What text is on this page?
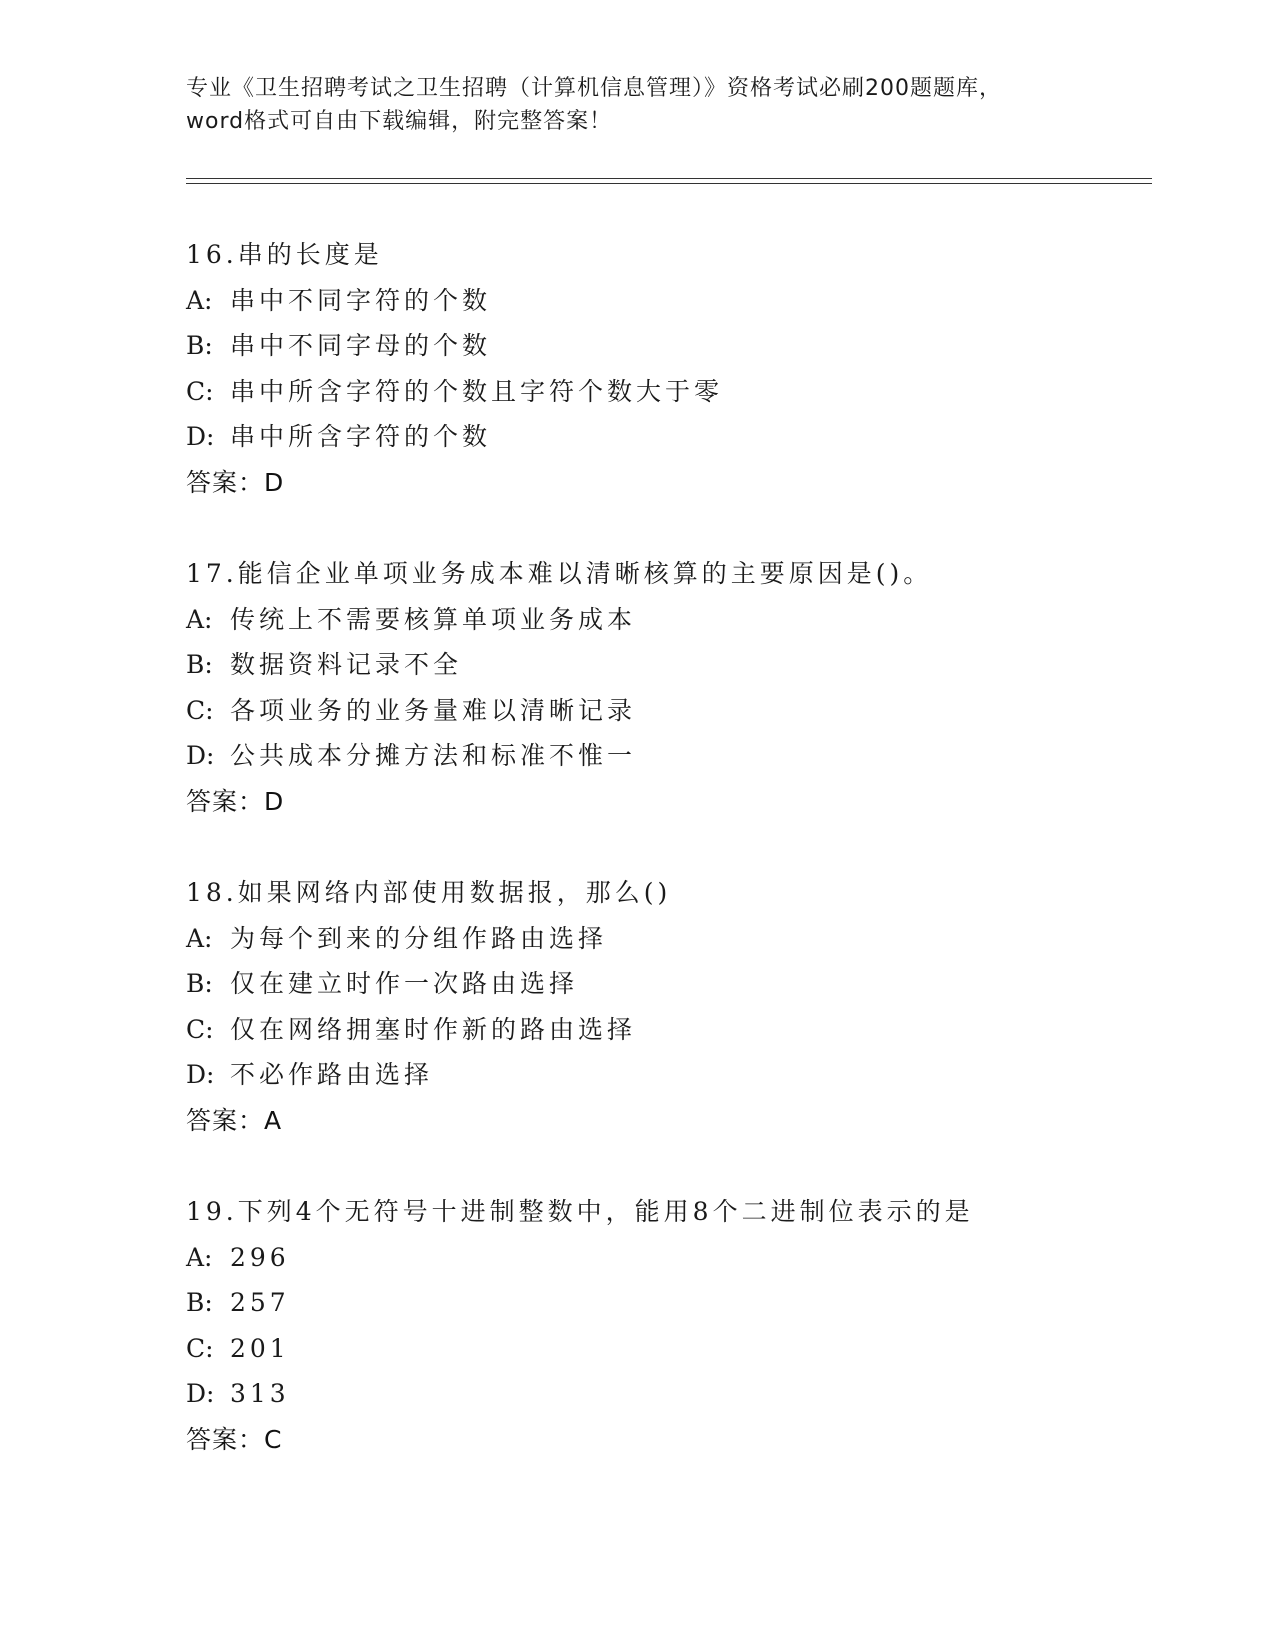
专业《卫生招聘考试之卫生招聘（计算机信息管理）》资格考试必刷200题题库，
word格式可自由下载编辑，附完整答案！
16.串的长度是
A: 串中不同字符的个数
B: 串中不同字母的个数
C: 串中所含字符的个数且字符个数大于零
D: 串中所含字符的个数
答案：D
17.能信企业单项业务成本难以清晰核算的主要原因是()。
A: 传统上不需要核算单项业务成本
B: 数据资料记录不全
C: 各项业务的业务量难以清晰记录
D: 公共成本分摊方法和标准不惟一
答案：D
18.如果网络内部使用数据报，那么()
A: 为每个到来的分组作路由选择
B: 仅在建立时作一次路由选择
C: 仅在网络拥塞时作新的路由选择
D: 不必作路由选择
答案：A
19.下列4个无符号十进制整数中，能用8个二进制位表示的是
A: 296
B: 257
C: 201
D: 313
答案：C
